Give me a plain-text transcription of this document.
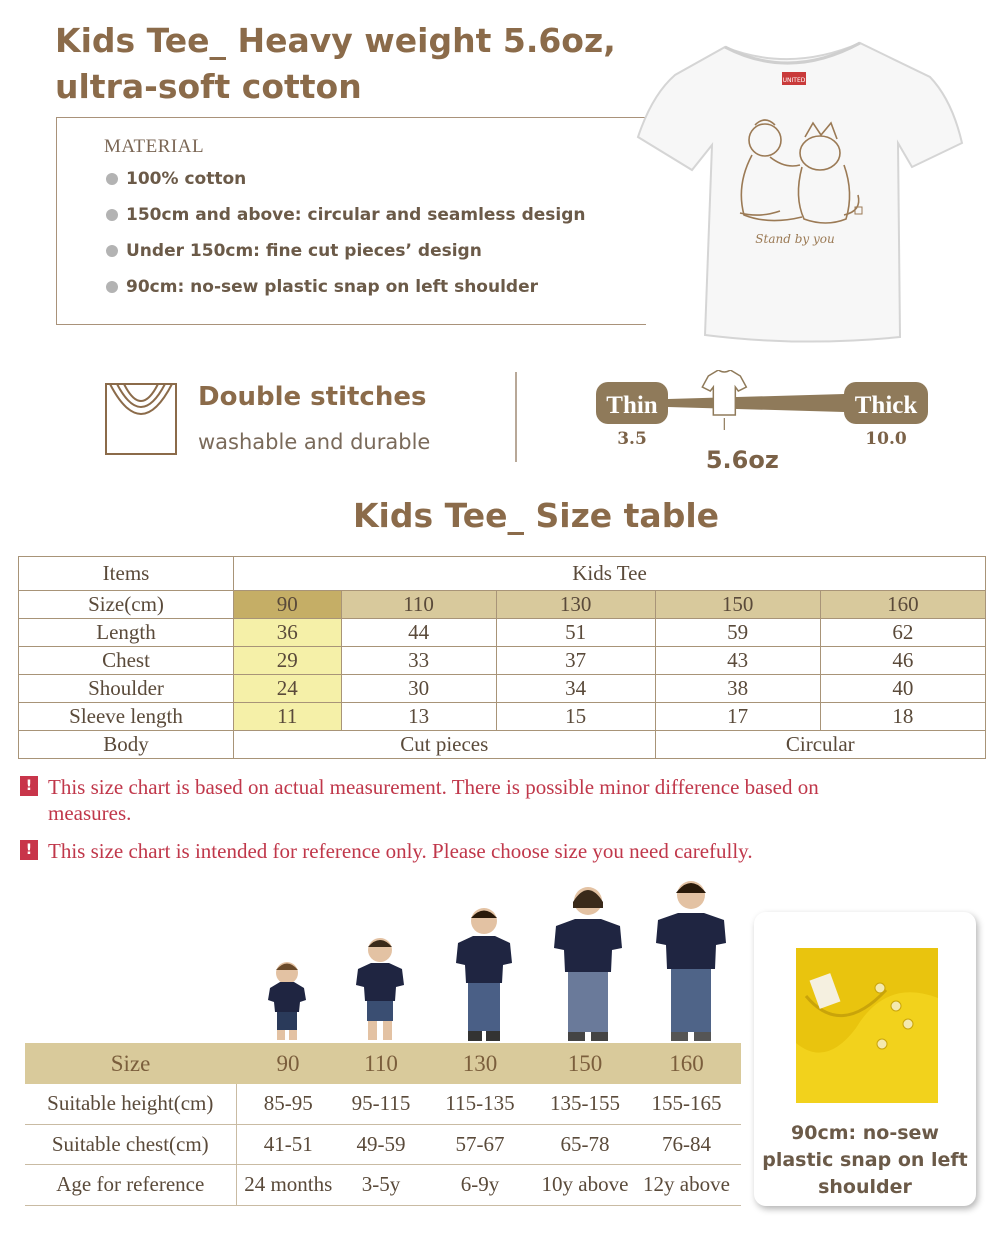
Kids Tee_ Heavy weight 5.6oz, ultra-soft cotton
MATERIAL
100% cotton
150cm and above: circular and seamless design
Under 150cm: fine cut pieces’ design
90cm: no-sew plastic snap on left shoulder
UNITED
Stand by you
Double stitches
washable and durable
Thin
3.5
Thick
10.0
5.6oz
Kids Tee_ Size table
Items	Kids Tee				
Size(cm)	90	110	130	150	160
Length	36	44	51	59	62
Chest	29	33	37	43	46
Shoulder	24	30	34	38	40
Sleeve length	11	13	15	17	18
Body	Cut pieces			Circular	
! This size chart is based on actual measurement. There is possible minor difference based on measures.
! This size chart is intended for reference only. Please choose size you need carefully.
Size	90	110	130	150	160
Suitable height(cm)	85-95	95-115	115-135	135-155	155-165
Suitable chest(cm)	41-51	49-59	57-67	65-78	76-84
Age for reference	24 months	3-5y	6-9y	10y above	12y above
90cm: no-sew plastic snap on left shoulder
